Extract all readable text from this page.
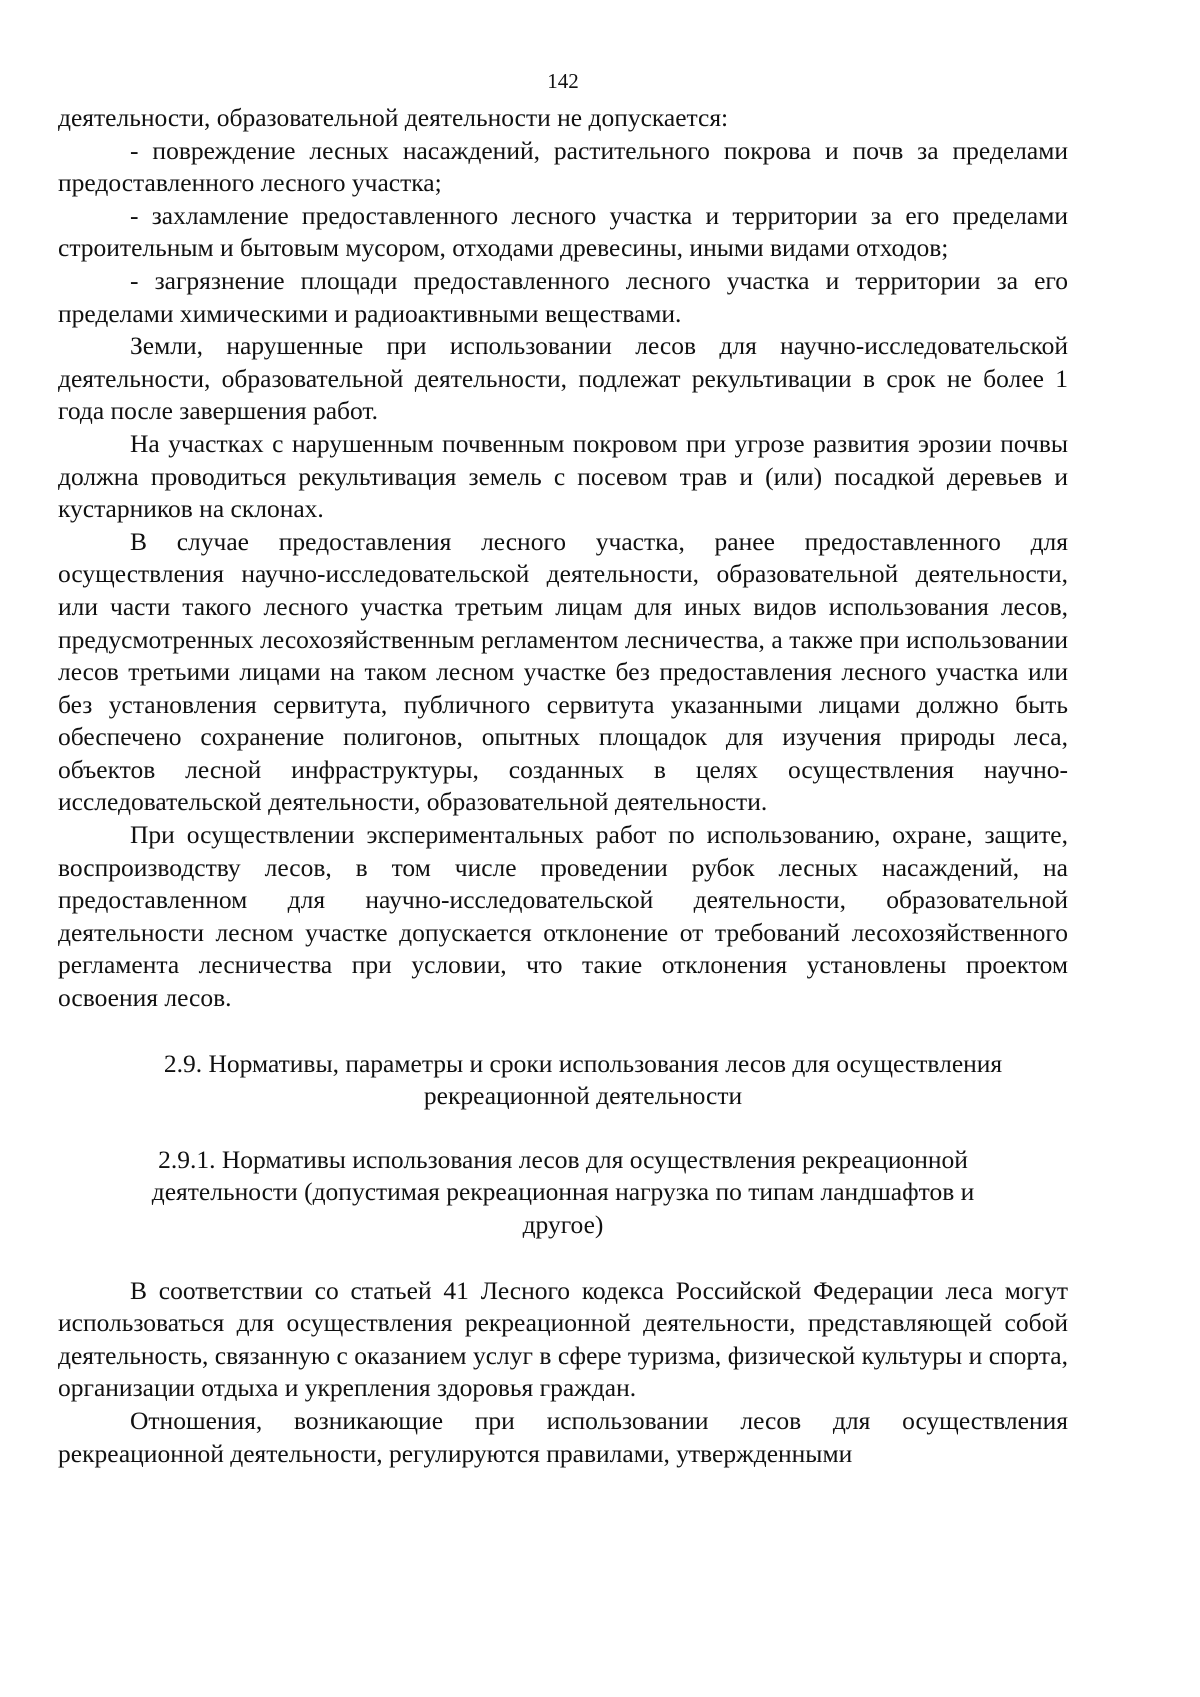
142

деятельности, образовательной деятельности не допускается:

- повреждение лесных насаждений, растительного покрова и почв за пределами предоставленного лесного участка;

- захламление предоставленного лесного участка и территории за его пределами строительным и бытовым мусором, отходами древесины, иными видами отходов;

- загрязнение площади предоставленного лесного участка и территории за его пределами химическими и радиоактивными веществами.

Земли, нарушенные при использовании лесов для научно-исследовательской деятельности, образовательной деятельности, подлежат рекультивации в срок не более 1 года после завершения работ.

На участках с нарушенным почвенным покровом при угрозе развития эрозии почвы должна проводиться рекультивация земель с посевом трав и (или) посадкой деревьев и кустарников на склонах.

В случае предоставления лесного участка, ранее предоставленного для осуществления научно-исследовательской деятельности, образовательной деятельности, или части такого лесного участка третьим лицам для иных видов использования лесов, предусмотренных лесохозяйственным регламентом лесничества, а также при использовании лесов третьими лицами на таком лесном участке без предоставления лесного участка или без установления сервитута, публичного сервитута указанными лицами должно быть обеспечено сохранение полигонов, опытных площадок для изучения природы леса, объектов лесной инфраструктуры, созданных в целях осуществления научно-исследовательской деятельности, образовательной деятельности.

При осуществлении экспериментальных работ по использованию, охране, защите, воспроизводству лесов, в том числе проведении рубок лесных насаждений, на предоставленном для научно-исследовательской деятельности, образовательной деятельности лесном участке допускается отклонение от требований лесохозяйственного регламента лесничества при условии, что такие отклонения установлены проектом освоения лесов.

2.9. Нормативы, параметры и сроки использования лесов для осуществления
рекреационной деятельности
2.9.1. Нормативы использования лесов для осуществления рекреационной
деятельности (допустимая рекреационная нагрузка по типам ландшафтов и
другое)

В соответствии со статьей 41 Лесного кодекса Российской Федерации леса могут использоваться для осуществления рекреационной деятельности, представляющей собой деятельность, связанную с оказанием услуг в сфере туризма, физической культуры и спорта, организации отдыха и укрепления здоровья граждан.

Отношения, возникающие при использовании лесов для осуществления рекреационной деятельности, регулируются правилами, утвержденными
